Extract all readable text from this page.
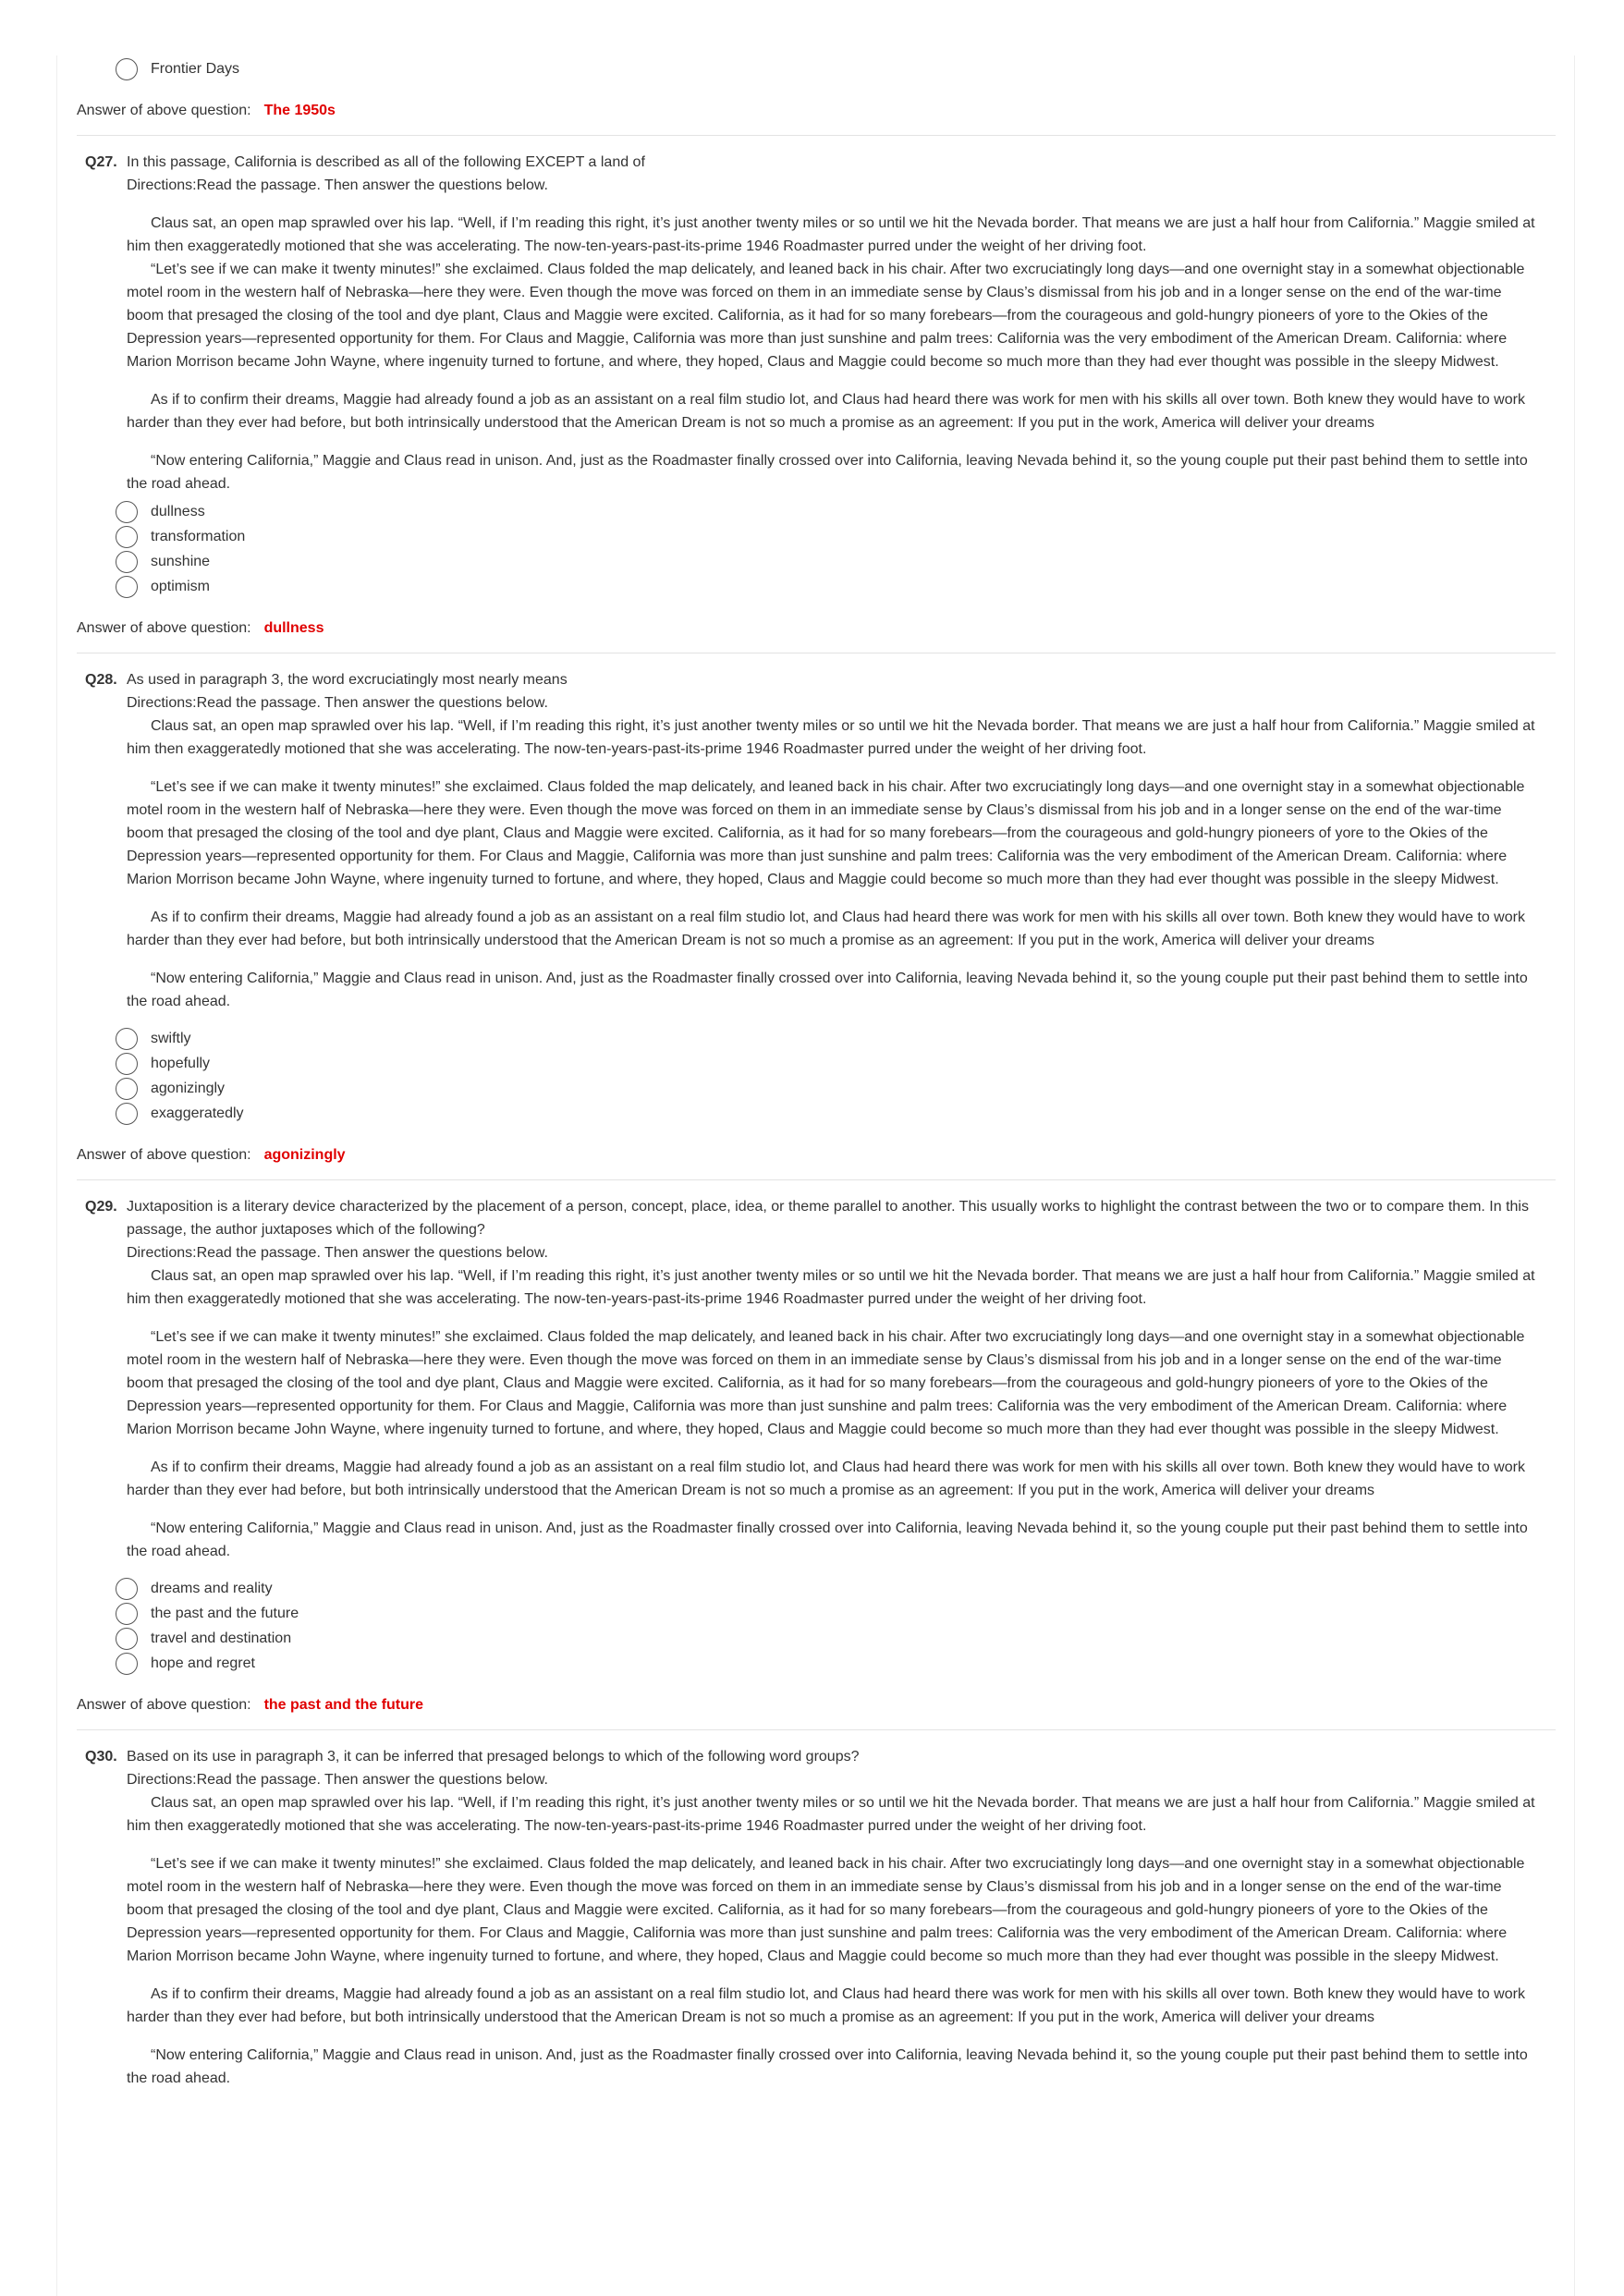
Frontier Days
Answer of above question: The 1950s
Q27. In this passage, California is described as all of the following EXCEPT a land of
Directions:Read the passage. Then answer the questions below.
Claus sat, an open map sprawled over his lap. “Well, if I’m reading this right, it’s just another twenty miles or so until we hit the Nevada border. That means we are just a half hour from California.” Maggie smiled at him then exaggeratedly motioned that she was accelerating. The now-ten-years-past-its-prime 1946 Roadmaster purred under the weight of her driving foot.
“Let’s see if we can make it twenty minutes!” she exclaimed. Claus folded the map delicately, and leaned back in his chair. After two excruciatingly long days—and one overnight stay in a somewhat objectionable motel room in the western half of Nebraska—here they were. Even though the move was forced on them in an immediate sense by Claus’s dismissal from his job and in a longer sense on the end of the war-time boom that presaged the closing of the tool and dye plant, Claus and Maggie were excited. California, as it had for so many forebears—from the courageous and gold-hungry pioneers of yore to the Okies of the Depression years—represented opportunity for them. For Claus and Maggie, California was more than just sunshine and palm trees: California was the very embodiment of the American Dream. California: where Marion Morrison became John Wayne, where ingenuity turned to fortune, and where, they hoped, Claus and Maggie could become so much more than they had ever thought was possible in the sleepy Midwest.
As if to confirm their dreams, Maggie had already found a job as an assistant on a real film studio lot, and Claus had heard there was work for men with his skills all over town. Both knew they would have to work harder than they ever had before, but both intrinsically understood that the American Dream is not so much a promise as an agreement: If you put in the work, America will deliver your dreams
“Now entering California,” Maggie and Claus read in unison. And, just as the Roadmaster finally crossed over into California, leaving Nevada behind it, so the young couple put their past behind them to settle into the road ahead.
dullness
transformation
sunshine
optimism
Answer of above question: dullness
Q28. As used in paragraph 3, the word excruciatingly most nearly means
Directions:Read the passage. Then answer the questions below.
Claus sat, an open map sprawled over his lap. “Well, if I’m reading this right, it’s just another twenty miles or so until we hit the Nevada border. That means we are just a half hour from California.” Maggie smiled at him then exaggeratedly motioned that she was accelerating. The now-ten-years-past-its-prime 1946 Roadmaster purred under the weight of her driving foot.
“Let’s see if we can make it twenty minutes!” she exclaimed. Claus folded the map delicately, and leaned back in his chair. After two excruciatingly long days—and one overnight stay in a somewhat objectionable motel room in the western half of Nebraska—here they were. Even though the move was forced on them in an immediate sense by Claus’s dismissal from his job and in a longer sense on the end of the war-time boom that presaged the closing of the tool and dye plant, Claus and Maggie were excited. California, as it had for so many forebears—from the courageous and gold-hungry pioneers of yore to the Okies of the Depression years—represented opportunity for them. For Claus and Maggie, California was more than just sunshine and palm trees: California was the very embodiment of the American Dream. California: where Marion Morrison became John Wayne, where ingenuity turned to fortune, and where, they hoped, Claus and Maggie could become so much more than they had ever thought was possible in the sleepy Midwest.
As if to confirm their dreams, Maggie had already found a job as an assistant on a real film studio lot, and Claus had heard there was work for men with his skills all over town. Both knew they would have to work harder than they ever had before, but both intrinsically understood that the American Dream is not so much a promise as an agreement: If you put in the work, America will deliver your dreams
“Now entering California,” Maggie and Claus read in unison. And, just as the Roadmaster finally crossed over into California, leaving Nevada behind it, so the young couple put their past behind them to settle into the road ahead.
swiftly
hopefully
agonizingly
exaggeratedly
Answer of above question: agonizingly
Q29. Juxtaposition is a literary device characterized by the placement of a person, concept, place, idea, or theme parallel to another. This usually works to highlight the contrast between the two or to compare them. In this passage, the author juxtaposes which of the following?
Directions:Read the passage. Then answer the questions below.
Claus sat, an open map sprawled over his lap. “Well, if I’m reading this right, it’s just another twenty miles or so until we hit the Nevada border. That means we are just a half hour from California.” Maggie smiled at him then exaggeratedly motioned that she was accelerating. The now-ten-years-past-its-prime 1946 Roadmaster purred under the weight of her driving foot.
“Let’s see if we can make it twenty minutes!” she exclaimed. Claus folded the map delicately, and leaned back in his chair. After two excruciatingly long days—and one overnight stay in a somewhat objectionable motel room in the western half of Nebraska—here they were. Even though the move was forced on them in an immediate sense by Claus’s dismissal from his job and in a longer sense on the end of the war-time boom that presaged the closing of the tool and dye plant, Claus and Maggie were excited. California, as it had for so many forebears—from the courageous and gold-hungry pioneers of yore to the Okies of the Depression years—represented opportunity for them. For Claus and Maggie, California was more than just sunshine and palm trees: California was the very embodiment of the American Dream. California: where Marion Morrison became John Wayne, where ingenuity turned to fortune, and where, they hoped, Claus and Maggie could become so much more than they had ever thought was possible in the sleepy Midwest.
As if to confirm their dreams, Maggie had already found a job as an assistant on a real film studio lot, and Claus had heard there was work for men with his skills all over town. Both knew they would have to work harder than they ever had before, but both intrinsically understood that the American Dream is not so much a promise as an agreement: If you put in the work, America will deliver your dreams
“Now entering California,” Maggie and Claus read in unison. And, just as the Roadmaster finally crossed over into California, leaving Nevada behind it, so the young couple put their past behind them to settle into the road ahead.
dreams and reality
the past and the future
travel and destination
hope and regret
Answer of above question: the past and the future
Q30. Based on its use in paragraph 3, it can be inferred that presaged belongs to which of the following word groups?
Directions:Read the passage. Then answer the questions below.
Claus sat, an open map sprawled over his lap. “Well, if I’m reading this right, it’s just another twenty miles or so until we hit the Nevada border. That means we are just a half hour from California.” Maggie smiled at him then exaggeratedly motioned that she was accelerating. The now-ten-years-past-its-prime 1946 Roadmaster purred under the weight of her driving foot.
“Let’s see if we can make it twenty minutes!” she exclaimed. Claus folded the map delicately, and leaned back in his chair. After two excruciatingly long days—and one overnight stay in a somewhat objectionable motel room in the western half of Nebraska—here they were. Even though the move was forced on them in an immediate sense by Claus’s dismissal from his job and in a longer sense on the end of the war-time boom that presaged the closing of the tool and dye plant, Claus and Maggie were excited. California, as it had for so many forebears—from the courageous and gold-hungry pioneers of yore to the Okies of the Depression years—represented opportunity for them. For Claus and Maggie, California was more than just sunshine and palm trees: California was the very embodiment of the American Dream. California: where Marion Morrison became John Wayne, where ingenuity turned to fortune, and where, they hoped, Claus and Maggie could become so much more than they had ever thought was possible in the sleepy Midwest.
As if to confirm their dreams, Maggie had already found a job as an assistant on a real film studio lot, and Claus had heard there was work for men with his skills all over town. Both knew they would have to work harder than they ever had before, but both intrinsically understood that the American Dream is not so much a promise as an agreement: If you put in the work, America will deliver your dreams
“Now entering California,” Maggie and Claus read in unison. And, just as the Roadmaster finally crossed over into California, leaving Nevada behind it, so the young couple put their past behind them to settle into the road ahead.
